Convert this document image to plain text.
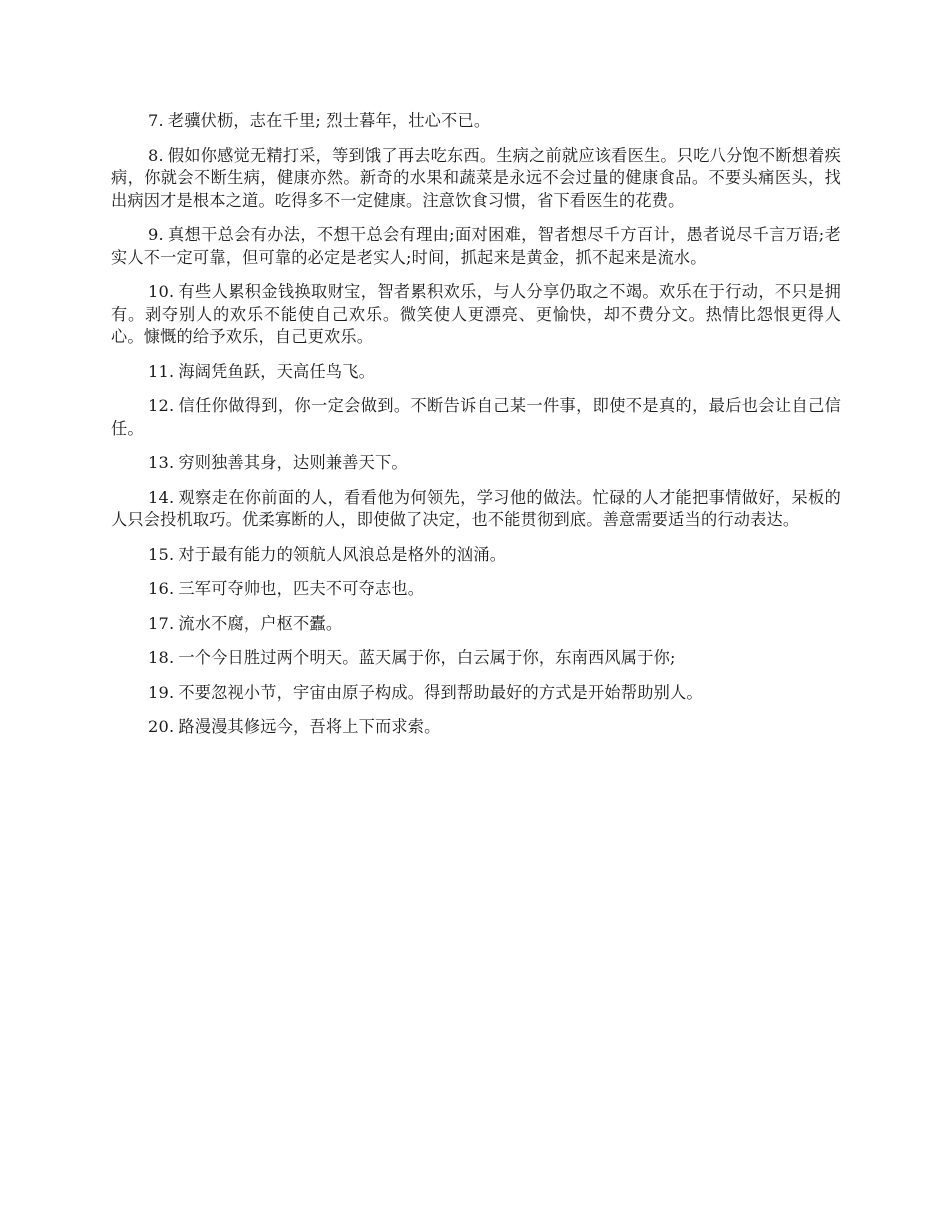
7. 老骥伏枥，志在千里; 烈士暮年，壮心不已。

8. 假如你感觉无精打采，等到饿了再去吃东西。生病之前就应该看医生。只吃八分饱不断想着疾病，你就会不断生病，健康亦然。新奇的水果和蔬菜是永远不会过量的健康食品。不要头痛医头，找出病因才是根本之道。吃得多不一定健康。注意饮食习惯，省下看医生的花费。

9. 真想干总会有办法，不想干总会有理由;面对困难，智者想尽千方百计，愚者说尽千言万语;老实人不一定可靠，但可靠的必定是老实人;时间，抓起来是黄金，抓不起来是流水。

10. 有些人累积金钱换取财宝，智者累积欢乐，与人分享仍取之不竭。欢乐在于行动，不只是拥有。剥夺别人的欢乐不能使自己欢乐。微笑使人更漂亮、更愉快，却不费分文。热情比怨恨更得人心。慷慨的给予欢乐，自己更欢乐。

11. 海阔凭鱼跃，天高任鸟飞。

12. 信任你做得到，你一定会做到。不断告诉自己某一件事，即使不是真的，最后也会让自己信任。

13. 穷则独善其身，达则兼善天下。

14. 观察走在你前面的人，看看他为何领先，学习他的做法。忙碌的人才能把事情做好，呆板的人只会投机取巧。优柔寡断的人，即使做了决定，也不能贯彻到底。善意需要适当的行动表达。

15. 对于最有能力的领航人风浪总是格外的汹涌。

16. 三军可夺帅也，匹夫不可夺志也。

17. 流水不腐，户枢不蠹。

18. 一个今日胜过两个明天。蓝天属于你，白云属于你，东南西风属于你;

19. 不要忽视小节，宇宙由原子构成。得到帮助最好的方式是开始帮助别人。

20. 路漫漫其修远今，吾将上下而求索。
